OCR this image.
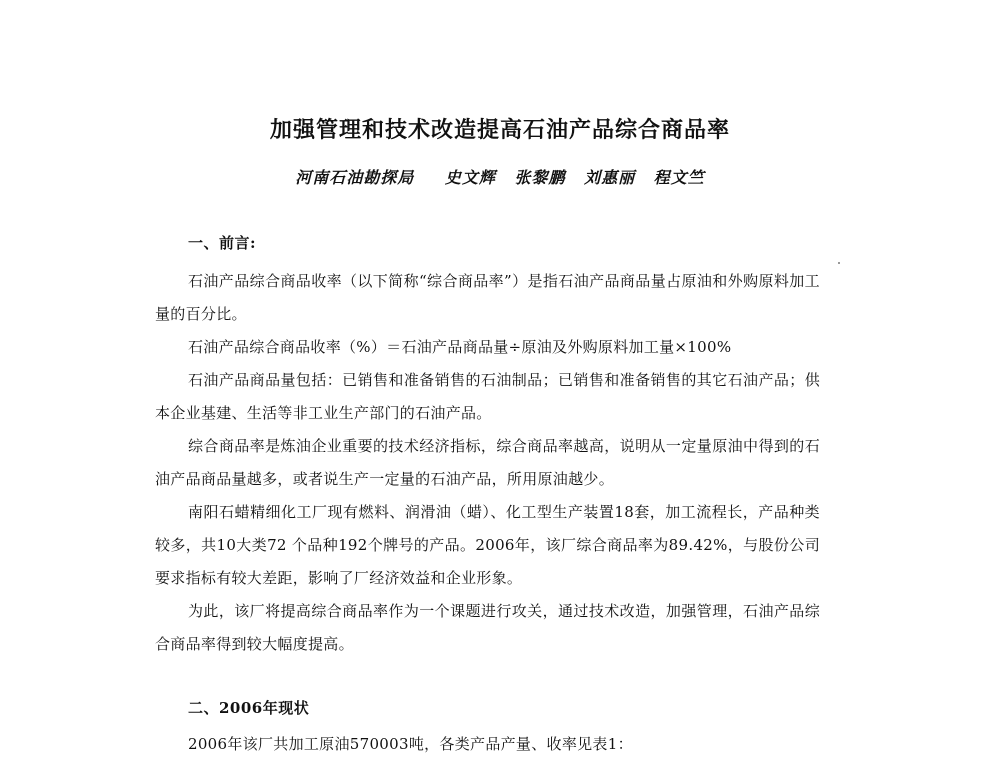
加强管理和技术改造提高石油产品综合商品率
河南石油勘探局 史文辉 张黎鹏 刘惠丽 程文竺
一、前言:

石油产品综合商品收率（以下简称“综合商品率”）是指石油产品商品量占原油和外购原料加工量的百分比。

石油产品综合商品收率（%）＝石油产品商品量÷原油及外购原料加工量×100%

石油产品商品量包括：已销售和准备销售的石油制品；已销售和准备销售的其它石油产品；供本企业基建、生活等非工业生产部门的石油产品。

综合商品率是炼油企业重要的技术经济指标，综合商品率越高，说明从一定量原油中得到的石油产品商品量越多，或者说生产一定量的石油产品，所用原油越少。

南阳石蜡精细化工厂现有燃料、润滑油（蜡）、化工型生产装置18套，加工流程长，产品种类较多，共10大类72 个品种192个牌号的产品。2006年，该厂综合商品率为89.42%，与股份公司要求指标有较大差距，影响了厂经济效益和企业形象。

为此，该厂将提高综合商品率作为一个课题进行攻关，通过技术改造，加强管理，石油产品综合商品率得到较大幅度提高。

二、2006年现状

2006年该厂共加工原油570003吨，各类产品产量、收率见表1：
